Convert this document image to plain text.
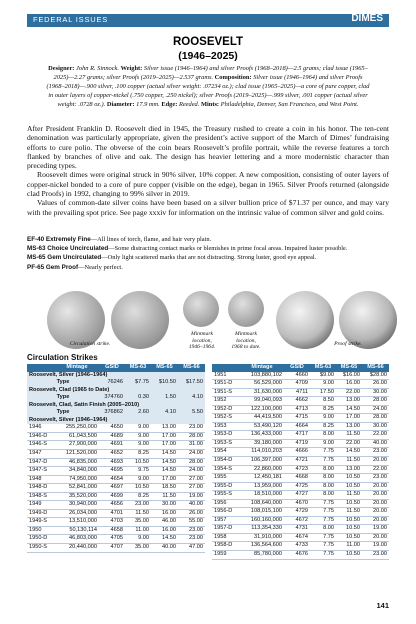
FEDERAL ISSUES	DIMES
ROOSEVELT
(1946–2025)
Designer: John R. Sinnock. Weight: Silver issue (1946–1964) and silver Proofs (1968–2018)—2.5 grams; clad issue (1965–2025)—2.27 grams; silver Proofs (2019–2025)—2.537 grams. Composition: Silver issue (1946–1964) and silver Proofs (1968–2018)—.900 silver, .100 copper (actual silver weight: .07234 oz.); clad issue (1965–2025)—a core of pure copper, clad in outer layers of copper-nickel (.750 copper, .250 nickel); silver Proofs (2019–2025)—.999 silver, .001 copper (actual silver weight: .0728 oz.). Diameter: 17.9 mm. Edge: Reeded. Mints: Philadelphia, Denver, San Francisco, and West Point.

After President Franklin D. Roosevelt died in 1945, the Treasury rushed to create a coin in his honor. The ten-cent denomination was particularly appropriate, given the president’s active support of the March of Dimes’ fundraising efforts to cure polio. The obverse of the coin bears Roosevelt’s profile portrait, while the reverse features a torch flanked by branches of olive and oak. The design has heavier lettering and a more modernistic character than preceding types.

Roosevelt dimes were original struck in 90% silver, 10% copper. A new composition, consisting of outer layers of copper-nickel bonded to a core of pure copper (visible on the edge), began in 1965. Silver Proofs returned (alongside clad Proofs) in 1992, changing to 99% silver in 2019.

Values of common-date silver coins have been based on a silver bullion price of $71.37 per ounce, and may vary with the prevailing spot price. See page xxxiv for information on the intrinsic value of common silver and gold coins.

EF-40 Extremely Fine—All lines of torch, flame, and hair very plain.

MS-63 Choice Uncirculated—Some distracting contact marks or blemishes in prime focal areas. Impaired luster possible.

MS-65 Gem Uncirculated—Only light scattered marks that are not distracting. Strong luster, good eye appeal.

PF-65 Gem Proof—Nearly perfect.

Circulation strike.
Mintmark
location,
1946–1964.
Mintmark
location,
1968 to date.	Proof strike.
Circulation Strikes
	Mintage	GSID	MS-63	MS-65	MS-66
Roosevelt, Silver (1946–1964)					
Type		76246	$7.75	$10.50	$17.50
Roosevelt, Clad (1965 to Date)					
Type		374760	0.30	1.50	4.10
Roosevelt, Clad, Satin Finish (2005–2010)					
Type		376862	2.60	4.10	5.50
Roosevelt, Silver (1946–1964)					
1946	255,250,000	4650	9.00	13.00	23.00
1946-D	61,043,500	4689	9.00	17.00	28.00
1946-S	27,900,000	4691	9.00	17.00	31.00
1947	121,520,000	4652	8.25	14.50	24.00
1947-D	46,835,000	4693	10.50	14.50	28.00
1947-S	34,840,000	4695	9.75	14.50	24.00
1948	74,950,000	4654	9.00	17.00	27.00
1948-D	52,841,000	4697	10.50	18.50	27.00
1948-S	35,520,000	4699	8.25	11.50	19.00
1949	30,940,000	4656	23.00	30.00	40.00
1949-D	26,034,000	4701	11.50	16.00	26.00
1949-S	13,510,000	4703	35.00	46.00	55.00
1950	50,130,114	4658	11.00	16.00	23.00
1950-D	46,803,000	4705	9.00	14.50	23.00
1950-S	20,440,000	4707	35.00	40.00	47.00
	Mintage	GSID	MS-63	MS-65	MS-66
1951	103,880,102	4660	$9.00	$16.00	$28.00
1951-D	56,529,000	4709	9.00	16.00	26.00
1951-S	31,630,000	4711	17.50	22.00	30.00
1952	99,040,093	4662	8.50	13.00	28.00
1952-D	122,100,000	4713	8.25	14.50	24.00
1952-S	44,419,500	4715	9.00	17.00	28.00
1953	53,490,120	4664	8.25	13.00	30.00
1953-D	136,433,000	4717	8.00	11.50	22.00
1953-S	39,180,000	4719	9.00	22.00	40.00
1954	114,010,203	4666	7.75	14.50	23.00
1954-D	106,397,000	4721	7.75	11.50	20.00
1954-S	22,860,000	4723	8.00	13.00	22.00
1955	12,450,181	4668	8.00	10.50	23.00
1955-D	13,959,000	4725	8.00	10.50	20.00
1955-S	18,510,000	4727	8.00	11.50	20.00
1956	108,640,000	4670	7.75	10.50	20.00
1956-D	108,015,100	4729	7.75	11.50	20.00
1957	160,160,000	4672	7.75	10.50	20.00
1957-D	113,354,330	4731	8.00	10.50	19.00
1958	31,910,000	4674	7.75	10.50	20.00
1958-D	136,564,600	4733	7.75	11.00	19.00
1959	85,780,000	4676	7.75	10.50	23.00
141
